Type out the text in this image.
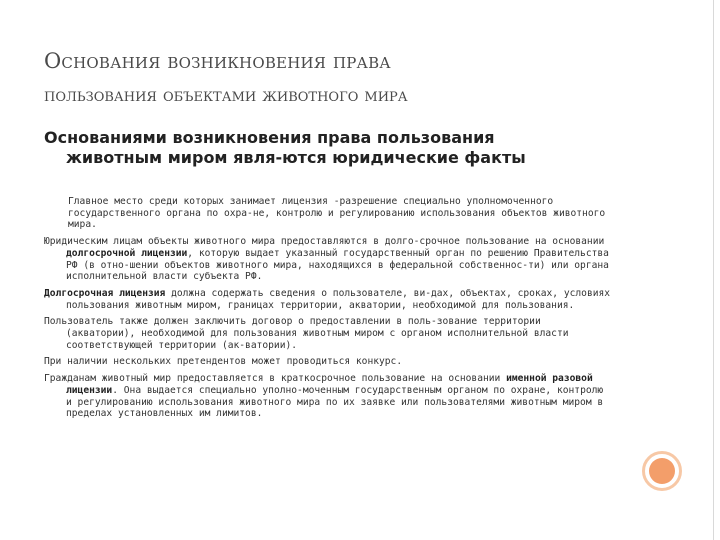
Основания возникновения права
пользования объектами животного мира
Основаниями возникновения права пользования
животным миром явля-ются юридические факты

Главное место среди которых занимает лицензия -разрешение специально уполномоченного государственного органа по охра-не, контролю и регулированию использования объектов животного мира.

Юридическим лицам объекты животного мира предоставляются в долго-срочное пользование на основании долгосрочной лицензии, которую выдает указанный государственный орган по решению Правительства РФ (в отно-шении объектов животного мира, находящихся в федеральной собственнос-ти) или органа исполнительной власти субъекта РФ.

Долгосрочная лицензия должна содержать сведения о пользователе, ви-дах, объектах, сроках, условиях пользования животным миром, границах территории, акватории, необходимой для пользования.

Пользователь также должен заключить договор о предоставлении в поль-зование территории (акватории), необходимой для пользования животным миром с органом исполнительной власти соответствующей территории (ак-ватории).

При наличии нескольких претендентов может проводиться конкурс.

Гражданам животный мир предоставляется в краткосрочное пользование на основании именной разовой лицензии. Она выдается специально уполно-моченным государственным органом по охране, контролю и регулированию использования животного мира по их заявке или пользователями животным миром в пределах установленных им лимитов.
